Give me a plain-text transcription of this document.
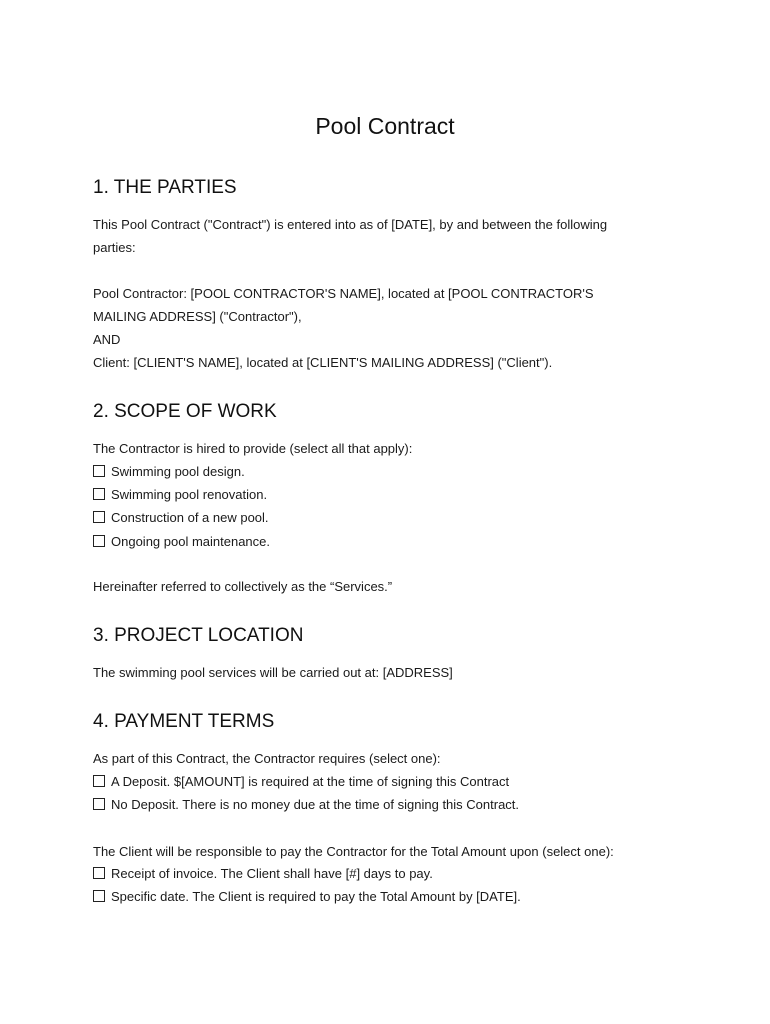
Pool Contract
1. THE PARTIES
This Pool Contract ("Contract") is entered into as of [DATE], by and between the following
parties:
Pool Contractor: [POOL CONTRACTOR'S NAME], located at [POOL CONTRACTOR'S
MAILING ADDRESS] ("Contractor"),
AND
Client: [CLIENT'S NAME], located at [CLIENT'S MAILING ADDRESS] ("Client").
2. SCOPE OF WORK
The Contractor is hired to provide (select all that apply):
Swimming pool design.
Swimming pool renovation.
Construction of a new pool.
Ongoing pool maintenance.
Hereinafter referred to collectively as the “Services.”
3. PROJECT LOCATION
The swimming pool services will be carried out at: [ADDRESS]
4. PAYMENT TERMS
As part of this Contract, the Contractor requires (select one):
A Deposit. $[AMOUNT] is required at the time of signing this Contract
No Deposit. There is no money due at the time of signing this Contract.
The Client will be responsible to pay the Contractor for the Total Amount upon (select one):
Receipt of invoice. The Client shall have [#] days to pay.
Specific date. The Client is required to pay the Total Amount by [DATE].
